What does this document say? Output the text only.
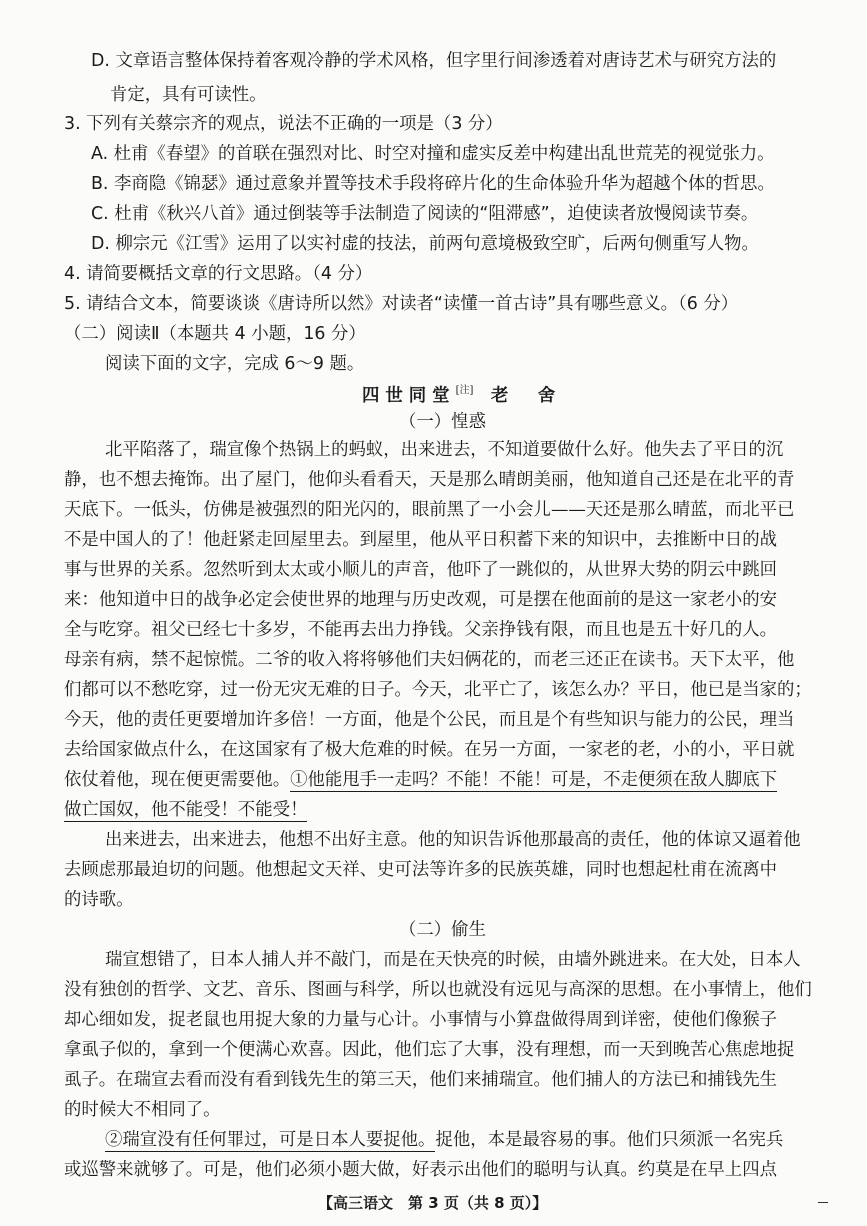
D. 文章语言整体保持着客观冷静的学术风格，但字里行间渗透着对唐诗艺术与研究方法的
肯定，具有可读性。
3. 下列有关蔡宗齐的观点，说法不正确的一项是（3 分）
A. 杜甫《春望》的首联在强烈对比、时空对撞和虚实反差中构建出乱世荒芜的视觉张力。
B. 李商隐《锦瑟》通过意象并置等技术手段将碎片化的生命体验升华为超越个体的哲思。
C. 杜甫《秋兴八首》通过倒装等手法制造了阅读的“阻滞感”，迫使读者放慢阅读节奏。
D. 柳宗元《江雪》运用了以实衬虚的技法，前两句意境极致空旷，后两句侧重写人物。
4. 请简要概括文章的行文思路。（4 分）
5. 请结合文本，简要谈谈《唐诗所以然》对读者“读懂一首古诗”具有哪些意义。（6 分）
（二）阅读Ⅱ（本题共 4 小题，16 分）
阅读下面的文字，完成 6～9 题。
四世同堂[注] 老　舍
（一）惶惑
北平陷落了，瑞宣像个热锅上的蚂蚁，出来进去，不知道要做什么好。他失去了平日的沉
静，也不想去掩饰。出了屋门，他仰头看看天，天是那么晴朗美丽，他知道自己还是在北平的青
天底下。一低头，仿佛是被强烈的阳光闪的，眼前黑了一小会儿——天还是那么晴蓝，而北平已
不是中国人的了！他赶紧走回屋里去。到屋里，他从平日积蓄下来的知识中，去推断中日的战
事与世界的关系。忽然听到太太或小顺儿的声音，他吓了一跳似的，从世界大势的阴云中跳回
来：他知道中日的战争必定会使世界的地理与历史改观，可是摆在他面前的是这一家老小的安
全与吃穿。祖父已经七十多岁，不能再去出力挣钱。父亲挣钱有限，而且也是五十好几的人。
母亲有病，禁不起惊慌。二爷的收入将将够他们夫妇俩花的，而老三还正在读书。天下太平，他
们都可以不愁吃穿，过一份无灾无难的日子。今天，北平亡了，该怎么办？平日，他已是当家的；
今天，他的责任更要增加许多倍！一方面，他是个公民，而且是个有些知识与能力的公民，理当
去给国家做点什么，在这国家有了极大危难的时候。在另一方面，一家老的老，小的小，平日就
依仗着他，现在便更需要他。①他能甩手一走吗？不能！不能！可是，不走便须在敌人脚底下
做亡国奴，他不能受！不能受！
出来进去，出来进去，他想不出好主意。他的知识告诉他那最高的责任，他的体谅又逼着他
去顾虑那最迫切的问题。他想起文天祥、史可法等许多的民族英雄，同时也想起杜甫在流离中
的诗歌。
（二）偷生
瑞宣想错了，日本人捕人并不敲门，而是在天快亮的时候，由墙外跳进来。在大处，日本人
没有独创的哲学、文艺、音乐、图画与科学，所以也就没有远见与高深的思想。在小事情上，他们
却心细如发，捉老鼠也用捉大象的力量与心计。小事情与小算盘做得周到详密，使他们像猴子
拿虱子似的，拿到一个便满心欢喜。因此，他们忘了大事，没有理想，而一天到晚苦心焦虑地捉
虱子。在瑞宣去看而没有看到钱先生的第三天，他们来捕瑞宣。他们捕人的方法已和捕钱先生
的时候大不相同了。
②瑞宣没有任何罪过，可是日本人要捉他。捉他，本是最容易的事。他们只须派一名宪兵
或巡警来就够了。可是，他们必须小题大做，好表示出他们的聪明与认真。约莫是在早上四点
【高三语文　第 3 页（共 8 页）】
